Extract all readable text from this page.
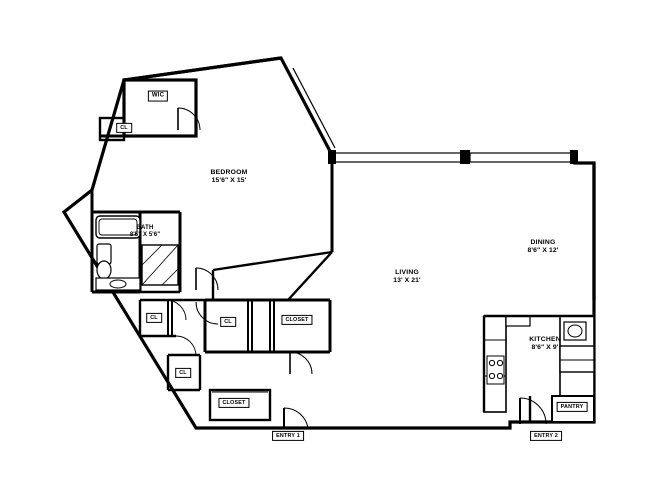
WIC
CL
BEDROOM
15'6" X 15'
BATH
8'5" X 5'6"
CL
CL	CLOSET
CL
CLOSET
LIVING
13' X 21'
DINING
8'6" X 12'
KITCHEN
8'6" X 9'
PANTRY
ENTRY 1	ENTRY 2
